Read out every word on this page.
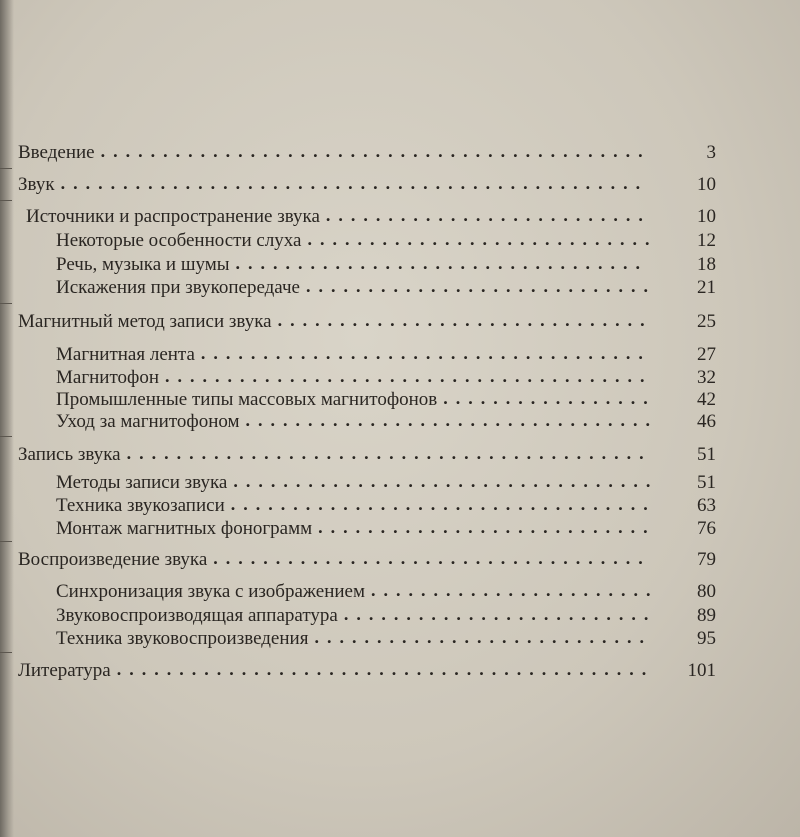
Введение ............................................	3
Звук ...............................................	10
Источники и распространение звука ..........................	10
Некоторые особенности слуха ............................	12
Речь, музыка и шумы .................................	18
Искажения при звукопередаче ............................	21
Магнитный метод записи звука ..............................	25
Магнитная лента ....................................	27
Магнитофон .......................................	32
Промышленные типы массовых магнитофонов .................	42
Уход за магнитофоном .................................	46
Запись звука ..........................................	51
Методы записи звука ..................................	51
Техника звукозаписи ..................................	63
Монтаж магнитных фонограмм ...........................	76
Воспроизведение звука ...................................	79
Синхронизация звука с изображением .......................	80
Звуковоспроизводящая аппаратура .........................	89
Техника звуковоспроизведения ...........................	95
Литература ...........................................	101
